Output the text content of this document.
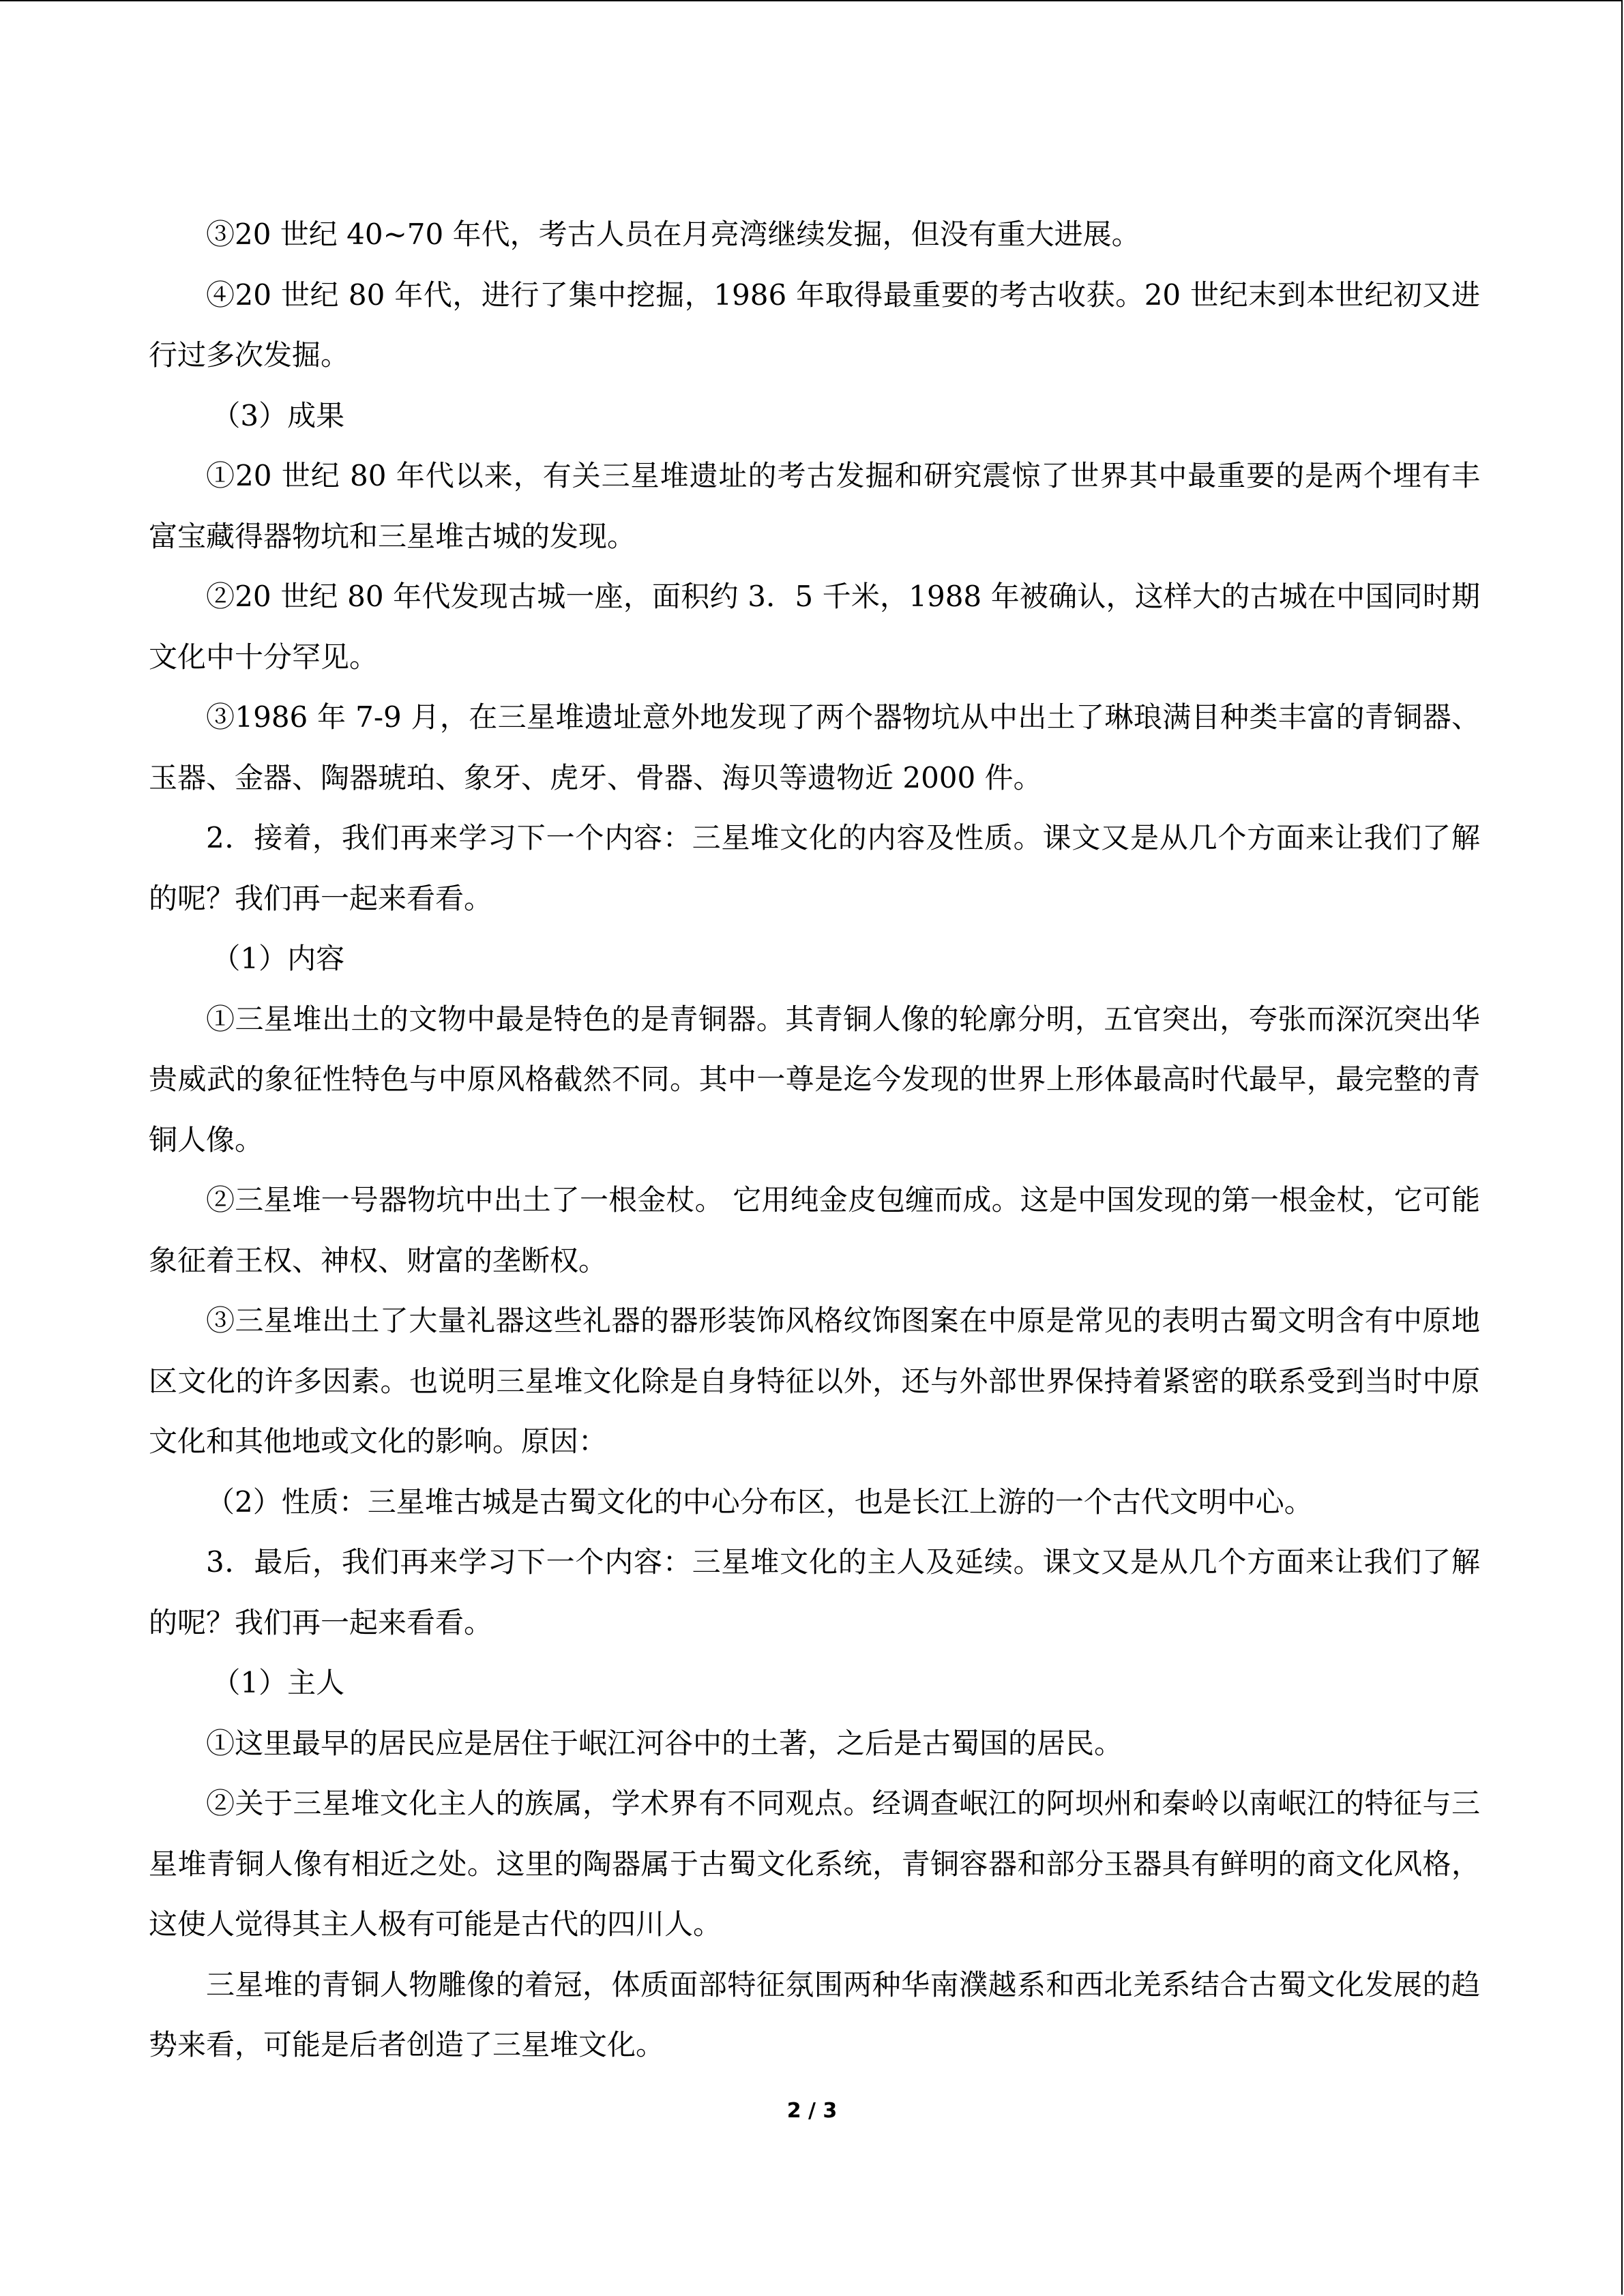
③20 世纪 40~70 年代，考古人员在月亮湾继续发掘，但没有重大进展。

④20 世纪 80 年代，进行了集中挖掘，1986 年取得最重要的考古收获。20 世纪末到本世纪初又进行过多次发掘。

（3）成果

①20 世纪 80 年代以来，有关三星堆遗址的考古发掘和研究震惊了世界其中最重要的是两个埋有丰富宝藏得器物坑和三星堆古城的发现。

②20 世纪 80 年代发现古城一座，面积约 3．5 千米，1988 年被确认，这样大的古城在中国同时期文化中十分罕见。

③1986 年 7-9 月，在三星堆遗址意外地发现了两个器物坑从中出土了琳琅满目种类丰富的青铜器、玉器、金器、陶器琥珀、象牙、虎牙、骨器、海贝等遗物近 2000 件。

2．接着，我们再来学习下一个内容：三星堆文化的内容及性质。课文又是从几个方面来让我们了解的呢？我们再一起来看看。

（1）内容

①三星堆出土的文物中最是特色的是青铜器。其青铜人像的轮廓分明，五官突出，夸张而深沉突出华贵威武的象征性特色与中原风格截然不同。其中一尊是迄今发现的世界上形体最高时代最早，最完整的青铜人像。

②三星堆一号器物坑中出土了一根金杖。 它用纯金皮包缠而成。这是中国发现的第一根金杖，它可能象征着王权、神权、财富的垄断权。

③三星堆出土了大量礼器这些礼器的器形装饰风格纹饰图案在中原是常见的表明古蜀文明含有中原地区文化的许多因素。也说明三星堆文化除是自身特征以外，还与外部世界保持着紧密的联系受到当时中原文化和其他地或文化的影响。原因：

（2）性质：三星堆古城是古蜀文化的中心分布区，也是长江上游的一个古代文明中心。

3．最后，我们再来学习下一个内容：三星堆文化的主人及延续。课文又是从几个方面来让我们了解的呢？我们再一起来看看。

（1）主人

①这里最早的居民应是居住于岷江河谷中的土著，之后是古蜀国的居民。

②关于三星堆文化主人的族属，学术界有不同观点。经调查岷江的阿坝州和秦岭以南岷江的特征与三星堆青铜人像有相近之处。这里的陶器属于古蜀文化系统，青铜容器和部分玉器具有鲜明的商文化风格，这使人觉得其主人极有可能是古代的四川人。

三星堆的青铜人物雕像的着冠，体质面部特征氛围两种华南濮越系和西北羌系结合古蜀文化发展的趋势来看，可能是后者创造了三星堆文化。

2 / 3
